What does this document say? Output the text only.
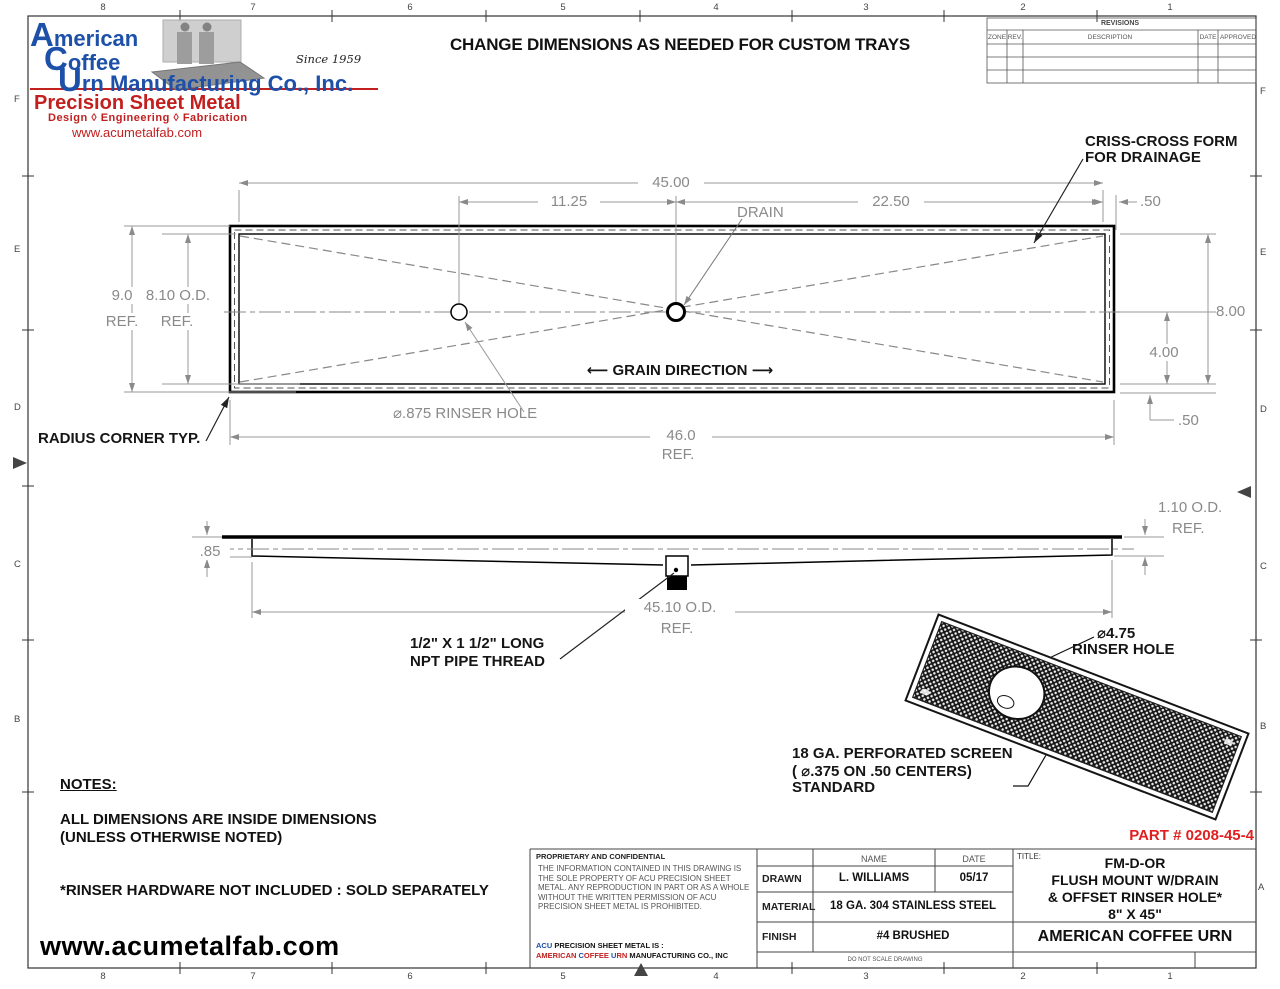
8	7	6	5	4	3	2	1
8	7	6	5	4	3	2	1
F
E
D
C
B
F
E
D
C
B
A
American
Coffee
Urn Manufacturing Co., Inc.
Since 1959
Precision Sheet Metal
Design ◊ Engineering ◊ Fabrication
www.acumetalfab.com
CHANGE DIMENSIONS AS NEEDED FOR CUSTOM TRAYS
REVISIONS
ZONE REV.	DESCRIPTION	DATE APPROVED
45.00
11.25	22.50	.50
DRAIN
CRISS-CROSS FORM
FOR DRAINAGE
9.0
REF.
8.10 O.D.
REF.
8.00
4.00
.50
⟵ GRAIN DIRECTION ⟶
⌀.875 RINSER HOLE
46.0
REF.
RADIUS CORNER TYP.
.85
1.10 O.D.
REF.
45.10 O.D.
REF.
1/2" X 1 1/2" LONG
NPT PIPE THREAD
⌀4.75
RINSER HOLE
18 GA. PERFORATED SCREEN
( ⌀.375 ON .50 CENTERS)
STANDARD
NOTES:
ALL DIMENSIONS ARE INSIDE DIMENSIONS
(UNLESS OTHERWISE NOTED)
*RINSER HARDWARE NOT INCLUDED : SOLD SEPARATELY
www.acumetalfab.com
PART # 0208-45-4
PROPRIETARY AND CONFIDENTIAL
THE INFORMATION CONTAINED IN THIS DRAWING IS THE SOLE PROPERTY OF ACU PRECISION SHEET METAL. ANY REPRODUCTION IN PART OR AS A WHOLE WITHOUT THE WRITTEN PERMISSION OF ACU PRECISION SHEET METAL IS PROHIBITED.
ACU PRECISION SHEET METAL IS :
AMERICAN COFFEE URN MANUFACTURING CO., INC
NAME	DATE
DRAWN	L. WILLIAMS	05/17
MATERIAL	18 GA. 304 STAINLESS STEEL
FINISH	#4 BRUSHED
DO NOT SCALE DRAWING
TITLE:	FM-D-OR
FLUSH MOUNT W/DRAIN
& OFFSET RINSER HOLE*
8" X 45"
AMERICAN COFFEE URN
